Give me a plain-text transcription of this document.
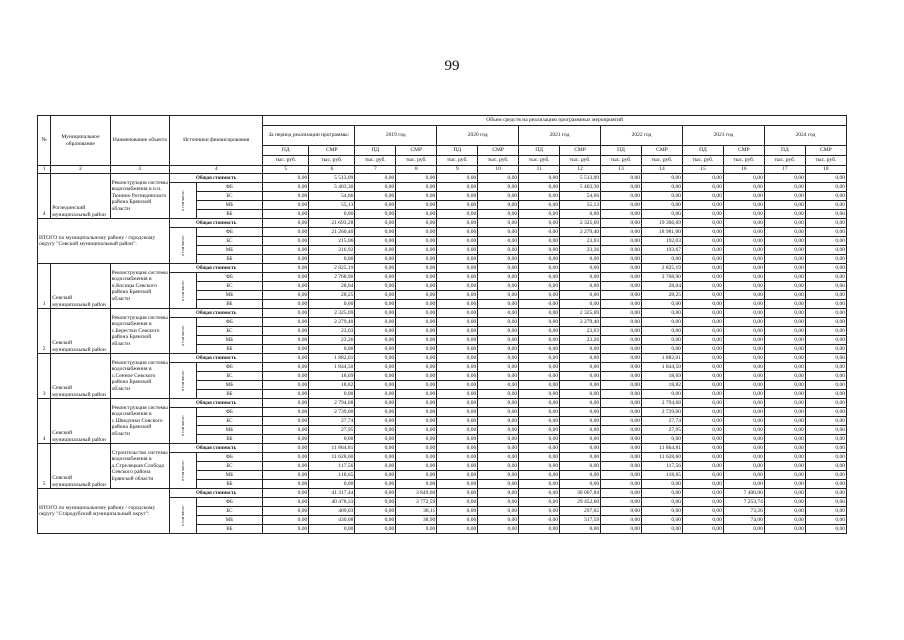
99
№	Муниципальное образование	Наименование объекта	Источники финансирования		Объем средств на реализацию программных мероприятий													
					За период реализации программы:		2019 год		2020 год		2021 год		2022 год		2023 год		2024 год	
					ПД	СМР	ПД	СМР	ПД	СМР	ПД	СМР	ПД	СМР	ПД	СМР	ПД	СМР
					тыс. руб.	тыс. руб.	тыс. руб.	тыс. руб.	тыс. руб.	тыс. руб.	тыс. руб.	тыс. руб.	тыс. руб.	тыс. руб.	тыс. руб.	тыс. руб.	тыс. руб.	тыс. руб.
1	2	3	4		5	6	7	8	9	10	11	12	13	14	15	16	17	18
4	Рогнединский муниципальный район	Реконструкция системы водоснабжения в н.п. Тюнино Рогнединского района Брянской области	Общая стоимость		0,00	5 513,09	0,00	0,00	0,00	0,00	0,00	5 513,09	0,00	0,00	0,00	0,00	0,00	0,00
			в том числе:	ФБ	0,00	5 403,30	0,00	0,00	0,00	0,00	0,00	5 403,30	0,00	0,00	0,00	0,00	0,00	0,00
				БС	0,00	54,66	0,00	0,00	0,00	0,00	0,00	54,66	0,00	0,00	0,00	0,00	0,00	0,00
				МБ	0,00	55,13	0,00	0,00	0,00	0,00	0,00	55,13	0,00	0,00	0,00	0,00	0,00	0,00
				ВБ	0,00	0,00	0,00	0,00	0,00	0,00	0,00	0,00	0,00	0,00	0,00	0,00	0,00	0,00
ИТОГО по муниципальному району / городскому округу "Севский муниципальный район":			Общая стоимость		0,00	21 693,28	0,00	0,00	0,00	0,00	0,00	2 325,69	0,00	19 366,69	0,00	0,00	0,00	0,00
			в том числе:	ФБ	0,00	21 260,40	0,00	0,00	0,00	0,00	0,00	2 279,40	0,00	18 981,00	0,00	0,00	0,00	0,00
				БС	0,00	215,06	0,00	0,00	0,00	0,00	0,00	23,03	0,00	192,03	0,00	0,00	0,00	0,00
				МБ	0,00	216,92	0,00	0,00	0,00	0,00	0,00	23,26	0,00	193,67	0,00	0,00	0,00	0,00
				ВБ	0,00	0,00	0,00	0,00	0,00	0,00	0,00	0,00	0,00	0,00	0,00	0,00	0,00	0,00
1	Севский муниципальный район	Реконструкция системы водоснабжения в п.Косицы Севского района Брянской области	Общая стоимость		0,00	2 825,19	0,00	0,00	0,00	0,00	0,00	0,00	0,00	2 825,19	0,00	0,00	0,00	0,00
			в том числе:	ФБ	0,00	2 768,90	0,00	0,00	0,00	0,00	0,00	0,00	0,00	2 768,90	0,00	0,00	0,00	0,00
				БС	0,00	28,04	0,00	0,00	0,00	0,00	0,00	0,00	0,00	28,04	0,00	0,00	0,00	0,00
				МБ	0,00	28,25	0,00	0,00	0,00	0,00	0,00	0,00	0,00	28,25	0,00	0,00	0,00	0,00
				ВБ	0,00	0,00	0,00	0,00	0,00	0,00	0,00	0,00	0,00	0,00	0,00	0,00	0,00	0,00
2	Севский муниципальный район	Реконструкция системы водоснабжения в с.Берестки Севского района Брянской области	Общая стоимость		0,00	2 325,69	0,00	0,00	0,00	0,00	0,00	2 325,69	0,00	0,00	0,00	0,00	0,00	0,00
			в том числе:	ФБ	0,00	2 279,40	0,00	0,00	0,00	0,00	0,00	2 279,40	0,00	0,00	0,00	0,00	0,00	0,00
				БС	0,00	23,03	0,00	0,00	0,00	0,00	0,00	23,03	0,00	0,00	0,00	0,00	0,00	0,00
				МБ	0,00	23,26	0,00	0,00	0,00	0,00	0,00	23,26	0,00	0,00	0,00	0,00	0,00	0,00
				ВБ	0,00	0,00	0,00	0,00	0,00	0,00	0,00	0,00	0,00	0,00	0,00	0,00	0,00	0,00
3	Севский муниципальный район	Реконструкция системы водоснабжения в с.Сенное Севского района Брянской области	Общая стоимость		0,00	1 882,01	0,00	0,00	0,00	0,00	0,00	0,00	0,00	1 882,01	0,00	0,00	0,00	0,00
			в том числе:	ФБ	0,00	1 844,50	0,00	0,00	0,00	0,00	0,00	0,00	0,00	1 844,50	0,00	0,00	0,00	0,00
				БС	0,00	18,69	0,00	0,00	0,00	0,00	0,00	0,00	0,00	18,69	0,00	0,00	0,00	0,00
				МБ	0,00	18,82	0,00	0,00	0,00	0,00	0,00	0,00	0,00	18,82	0,00	0,00	0,00	0,00
				ВБ	0,00	0,00	0,00	0,00	0,00	0,00	0,00	0,00	0,00	0,00	0,00	0,00	0,00	0,00
4	Севский муниципальный район	Реконструкция системы водоснабжения в с.Шведчики Севского района Брянской области	Общая стоимость		0,00	2 794,68	0,00	0,00	0,00	0,00	0,00	0,00	0,00	2 794,68	0,00	0,00	0,00	0,00
			в том числе:	ФБ	0,00	2 739,00	0,00	0,00	0,00	0,00	0,00	0,00	0,00	2 739,00	0,00	0,00	0,00	0,00
				БС	0,00	27,74	0,00	0,00	0,00	0,00	0,00	0,00	0,00	27,74	0,00	0,00	0,00	0,00
				МБ	0,00	27,95	0,00	0,00	0,00	0,00	0,00	0,00	0,00	27,95	0,00	0,00	0,00	0,00
				ВБ	0,00	0,00	0,00	0,00	0,00	0,00	0,00	0,00	0,00	0,00	0,00	0,00	0,00	0,00
5	Севский муниципальный район	Строительство системы водоснабжения в д.Стрелецкая Слобода Севского района Брянской области	Общая стоимость		0,00	11 864,81	0,00	0,00	0,00	0,00	0,00	0,00	0,00	11 864,81	0,00	0,00	0,00	0,00
			в том числе:	ФБ	0,00	11 628,60	0,00	0,00	0,00	0,00	0,00	0,00	0,00	11 628,60	0,00	0,00	0,00	0,00
				БС	0,00	117,56	0,00	0,00	0,00	0,00	0,00	0,00	0,00	117,56	0,00	0,00	0,00	0,00
				МБ	0,00	118,65	0,00	0,00	0,00	0,00	0,00	0,00	0,00	118,65	0,00	0,00	0,00	0,00
				ВБ	0,00	0,00	0,00	0,00	0,00	0,00	0,00	0,00	0,00	0,00	0,00	0,00	0,00	0,00
ИТОГО по муниципальному району / городскому округу "Стародубский муниципальный округ":			Общая стоимость		0,00	41 317,44	0,00	3 849,60	0,00	0,00	0,00	30 067,84	0,00	0,00	0,00	7 400,00	0,00	0,00
			в том числе:	ФБ	0,00	40 478,33	0,00	3 772,59	0,00	0,00	0,00	29 452,60	0,00	0,00	0,00	7 253,74	0,00	0,00
				БС	0,00	409,03	0,00	38,11	0,00	0,00	0,00	297,65	0,00	0,00	0,00	73,26	0,00	0,00
				МБ	0,00	430,08	0,00	38,90	0,00	0,00	0,00	317,59	0,00	0,00	0,00	74,00	0,00	0,00
				ВБ	0,00	0,00	0,00	0,00	0,00	0,00	0,00	0,00	0,00	0,00	0,00	0,00	0,00	0,00
